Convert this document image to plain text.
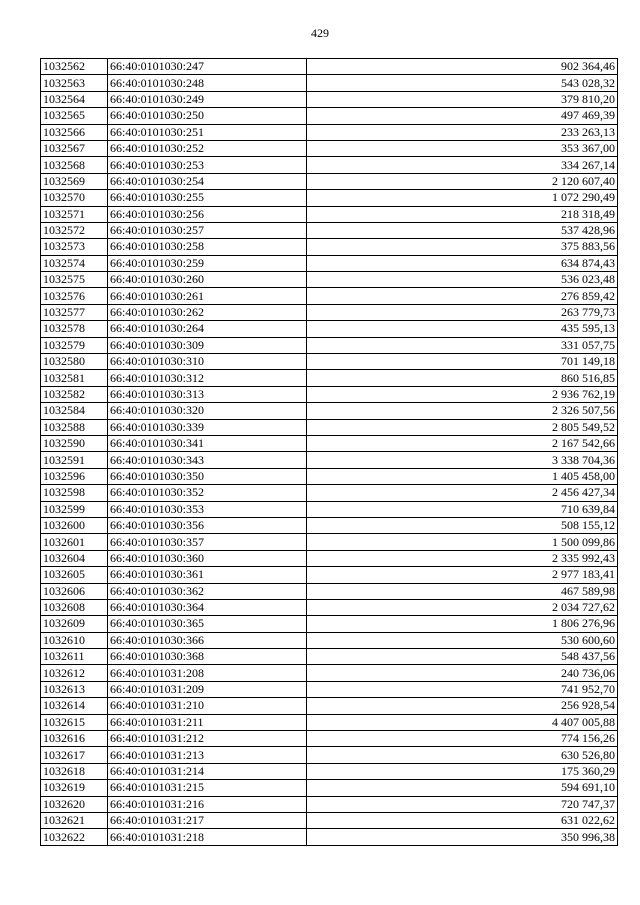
429
1032562	66:40:0101030:247	902 364,46
1032563	66:40:0101030:248	543 028,32
1032564	66:40:0101030:249	379 810,20
1032565	66:40:0101030:250	497 469,39
1032566	66:40:0101030:251	233 263,13
1032567	66:40:0101030:252	353 367,00
1032568	66:40:0101030:253	334 267,14
1032569	66:40:0101030:254	2 120 607,40
1032570	66:40:0101030:255	1 072 290,49
1032571	66:40:0101030:256	218 318,49
1032572	66:40:0101030:257	537 428,96
1032573	66:40:0101030:258	375 883,56
1032574	66:40:0101030:259	634 874,43
1032575	66:40:0101030:260	536 023,48
1032576	66:40:0101030:261	276 859,42
1032577	66:40:0101030:262	263 779,73
1032578	66:40:0101030:264	435 595,13
1032579	66:40:0101030:309	331 057,75
1032580	66:40:0101030:310	701 149,18
1032581	66:40:0101030:312	860 516,85
1032582	66:40:0101030:313	2 936 762,19
1032584	66:40:0101030:320	2 326 507,56
1032588	66:40:0101030:339	2 805 549,52
1032590	66:40:0101030:341	2 167 542,66
1032591	66:40:0101030:343	3 338 704,36
1032596	66:40:0101030:350	1 405 458,00
1032598	66:40:0101030:352	2 456 427,34
1032599	66:40:0101030:353	710 639,84
1032600	66:40:0101030:356	508 155,12
1032601	66:40:0101030:357	1 500 099,86
1032604	66:40:0101030:360	2 335 992,43
1032605	66:40:0101030:361	2 977 183,41
1032606	66:40:0101030:362	467 589,98
1032608	66:40:0101030:364	2 034 727,62
1032609	66:40:0101030:365	1 806 276,96
1032610	66:40:0101030:366	530 600,60
1032611	66:40:0101030:368	548 437,56
1032612	66:40:0101031:208	240 736,06
1032613	66:40:0101031:209	741 952,70
1032614	66:40:0101031:210	256 928,54
1032615	66:40:0101031:211	4 407 005,88
1032616	66:40:0101031:212	774 156,26
1032617	66:40:0101031:213	630 526,80
1032618	66:40:0101031:214	175 360,29
1032619	66:40:0101031:215	594 691,10
1032620	66:40:0101031:216	720 747,37
1032621	66:40:0101031:217	631 022,62
1032622	66:40:0101031:218	350 996,38
